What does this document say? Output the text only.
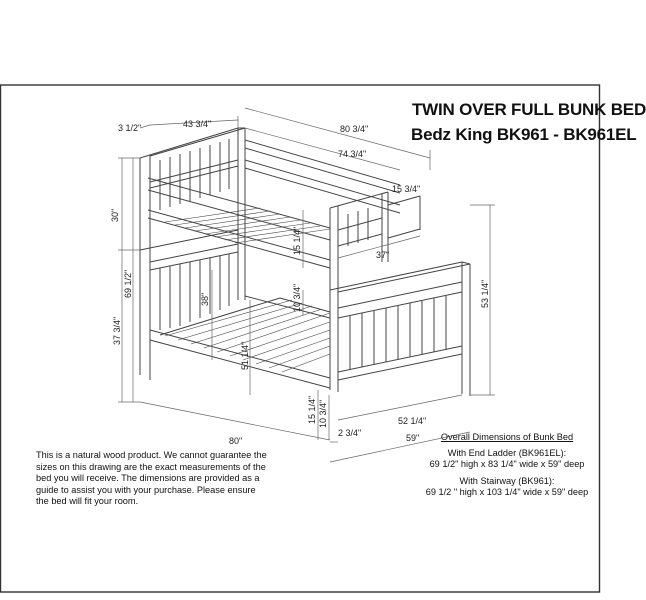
3 1/2"	43 3/4"	80 3/4"
74 3/4"
15 3/4"
37"
30"
69 1/2"
37 3/4"
38"
15 1/4"
10 3/4"
51 1/4"
53 1/4"
80"
15 1/4" 10 3/4"
2 3/4"
52 1/4"
59"
TWIN OVER FULL BUNK BED
Bedz King BK961 - BK961EL
This is a natural wood product. We cannot guarantee the sizes on this drawing are the exact measurements of the bed you will receive. The dimensions are provided as a guide to assist you with your purchase. Please ensure the bed will fit your room.
Overall Dimensions of Bunk Bed
With End Ladder (BK961EL):
69 1/2" high x 83 1/4" wide x 59" deep
With Stairway (BK961):
69 1/2 " high x 103 1/4" wide x 59" deep
